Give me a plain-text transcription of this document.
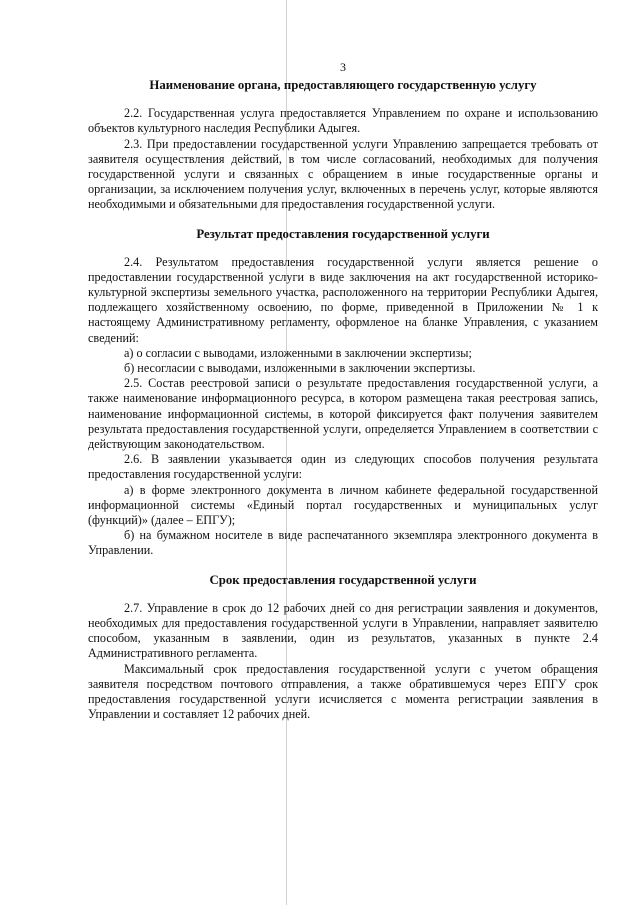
3
Наименование органа, предоставляющего государственную услугу

2.2. Государственная услуга предоставляется Управлением по охране и использованию объектов культурного наследия Республики Адыгея.

2.3. При предоставлении государственной услуги Управлению запрещается требовать от заявителя осуществления действий, в том числе согласований, необходимых для получения государственной услуги и связанных с обращением в иные государственные органы и организации, за исключением получения услуг, включенных в перечень услуг, которые являются необходимыми и обязательными для предоставления государственной услуги.

Результат предоставления государственной услуги

2.4. Результатом предоставления государственной услуги является решение о предоставлении государственной услуги в виде заключения на акт государственной историко-культурной экспертизы земельного участка, расположенного на территории Республики Адыгея, подлежащего хозяйственному освоению, по форме, приведенной в Приложении № 1 к настоящему Административному регламенту, оформленое на бланке Управления, с указанием сведений:

а) о согласии с выводами, изложенными в заключении экспертизы;

б) несогласии с выводами, изложенными в заключении экспертизы.

2.5. Состав реестровой записи о результате предоставления государственной услуги, а также наименование информационного ресурса, в котором размещена такая реестровая запись, наименование информационной системы, в которой фиксируется факт получения заявителем результата предоставления государственной услуги, определяется Управлением в соответствии с действующим законодательством.

2.6. В заявлении указывается один из следующих способов получения результата предоставления государственной услуги:

а) в форме электронного документа в личном кабинете федеральной государственной информационной системы «Единый портал государственных и муниципальных услуг (функций)» (далее – ЕПГУ);

б) на бумажном носителе в виде распечатанного экземпляра электронного документа в Управлении.

Срок предоставления государственной услуги

2.7. Управление в срок до 12 рабочих дней со дня регистрации заявления и документов, необходимых для предоставления государственной услуги в Управлении, направляет заявителю способом, указанным в заявлении, один из результатов, указанных в пункте 2.4 Административного регламента.

Максимальный срок предоставления государственной услуги с учетом обращения заявителя посредством почтового отправления, а также обратившемуся через ЕПГУ срок предоставления государственной услуги исчисляется с момента регистрации заявления в Управлении и составляет 12 рабочих дней.
